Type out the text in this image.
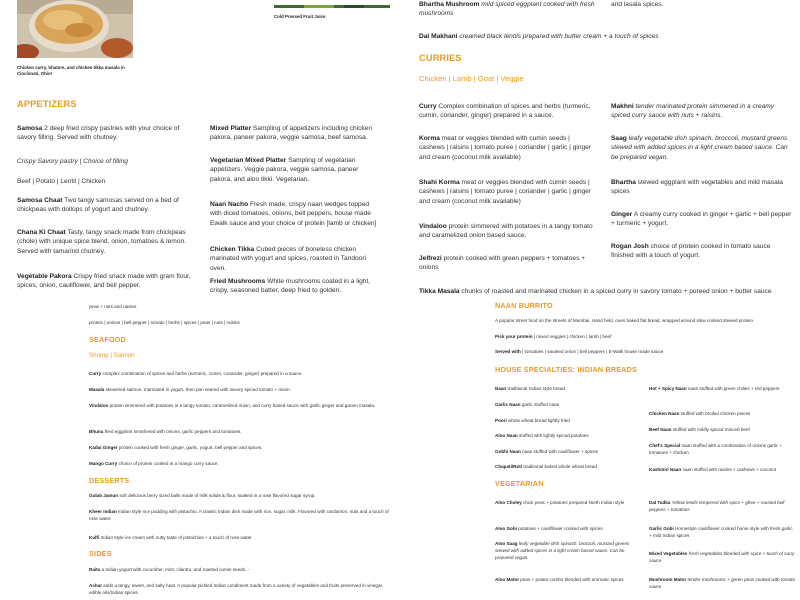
Chicken curry, bhature, and chicken tikka masala in Cincinnati, Ohio!
Cold Pressed Fruit Juice
APPETIZERS
Samosa 2 deep fried crispy pastries with your choice of savory filling. Served with chutney.
Crispy Savory pastry | Choice of filling
Beef | Potato | Lentil | Chicken
Samosa Chaat Two tangy samosas served on a bed of chickpeas with dollops of yogurt and chutney.
Chana Ki Chaat Tasty, tangy snack made from chickpeas (chole) with unique spice blend, onion, tomatoes & lemon. Served with tamarind chutney.
Vegetable Pakora Crispy fried snack made with gram flour, spices, onion, cauliflower, and bell pepper.
Mixed Platter Sampling of appetizers including chicken pakora, paneer pakora, veggie samosa, beef samosa.
Vegetarian Mixed Platter Sampling of vegetarian appetizers. Veggie pakora, veggie samosa, paneer pakora, and aloo tikki. Vegetarian.
Naan Nacho Fresh made, crispy naan wedges topped with diced tomatoes, onions, bell peppers, house made Ewalk sauce and your choice of protein [lamb or chicken]
Chicken Tikka Cubed pieces of boneless chicken marinated with yogurt and spices, roasted in Tandoori oven.
Fried Mushrooms White mushrooms coated in a light, crispy, seasoned batter, deep fried to golden.
peas + nuts and raisins
protein | onions | bell pepper | tomato | herbs | spices | peas | nuts | raisins
SEAFOOD
Shrimp | Salmon
Curry complex combination of spices and herbs (turmeric, cumin, coriander, ginger) prepared in a sauce.
Masala skewered salmon, marinated in yogurt, then pan seared with savory spiced tomato + onion.
Vindaloo protein simmered with potatoes in a tangy tomato, caramelized onion, and curry based sauce with garlic ginger and garam masala.
Bhuna fried eggplant smothered with onions, garlic peppers and tomatoes.
Kadai Ginger protein cooked with fresh ginger, garlic, yogurt, bell pepper and spices.
Mango Curry choice of protein cooked in a mango curry sauce.
DESSERTS
Gulab Jamun soft delicious berry sized balls made of milk solids & flour, soaked in a rose flavored sugar syrup.
Kheer Indian Indian style rice pudding with pistachio. A classic Indian dish made with rice, sugar, milk. Flavored with cardamon, nuts and a touch of rose water.
Kulfi Indian style ice cream with nutty taste of pistachios + a touch of rose water
SIDES
Raita a Indian yogurt with cucumber, mint, cilantro, and roasted cumin seeds. -
Achar adds a tangy, sweet, and salty heat. A popular pickled Indian condiment made from a variety of vegetables and fruits preserved in vinegar, edible oils/Indian spices.
Bhartha Mushroom mild spiced eggplant cooked with fresh mushrooms
Dal Makhani creamed black lentils prepared with butter cream + a touch of spices
and lasala spices.
CURRIES
Chicken | Lamb | Goat | Veggie
Curry Complex combination of spices and herbs (turmeric, cumin, coriander, ginger) prepared in a sauce.
Korma meat or veggies blended with cumin seeds | cashews | raisins | tomato puree | coriander | garlic | ginger and cream (coconut milk available)
Shahi Korma meat or veggies blended with cumin seeds | cashews | raisins | tomato puree | coriander | garlic | ginger and cream (coconut milk available)
Vindaloo protein simmered with potatoes in a tangy tomato and caramelized onion based sauce.
Jelfrezi protein cooked with green peppers + tomatoes + onions
Makhni tender marinated protein simmered in a creamy spiced curry sauce with nuts + raisins.
Saag leafy vegetable dish spinach, broccoli, mustard greens stewed with added spices in a light cream based sauce. Can be prepared vegan.
Bhartha stewed eggplant with vegetables and mild masala spices
Ginger A creamy curry cooked in ginger + garlic + bell pepper + turmeric + yogurt.
Rogan Josh choice of protein cooked in tomato sauce finished with a touch of yogurt.
Tikka Masala chunks of roasted and marinated chicken in a spiced curry in savory tomato + pureed onion + butter sauce
NAAN BURRITO
A popular street food on the streets of Mumbai. Hand held, oven baked flat bread, wrapped around slow cooked stewed protein
Pick your protein | mixed veggies | chicken | lamb | beef
Served with | tomatoes | sauteed onion | bell peppers | E-Walk house made sauce
HOUSE SPECIALTIES: INDIAN BREADS
Naan traditional Indian style bread
Garlic Naan garlic stuffed naan
Poori whole wheat bread lightly fried
Aloo Naan stuffed with lightly spiced potatoes
Gobhi Naan naan stuffed with cauliflower + spices
Chapati/Roti traditional baked whole wheat bread
Hot + Spicy Naan naan stuffed with green chilies + red peppers
Chicken Naan stuffed with broiled chicken pieces
Beef Naan stuffed with mildly spiced minced beef
Chef's Special naan stuffed with a combination of onions garlic + tomatoes + chicken
Kashmiri Naan naan stuffed with raisins + cashews + coconut
VEGETARIAN
Aloo Choley chick peas + potatoes prepared North Indian style
Aloo Gobi potatoes + cauliflower cooked with spices
Aloo Saag leafy vegetable dish spinach, broccoli, mustard greens stewed with added spices in a light cream based sauce. Can be prepared vegan.
Aloo Mator peas + potato combo blended with aromatic spices
Dal Tadka Yellow lentils tempered with spice + ghee + roasted bell peppers + tomatoes
Garlic Gobi Homestyle cauliflower cooked home style with fresh garlic + mild Indian spices
Mixed Vegetables fresh vegetables blended with spice + touch of curry sauce
Mushroom Mator tender mushrooms + green peas cooked with tomato sauce
